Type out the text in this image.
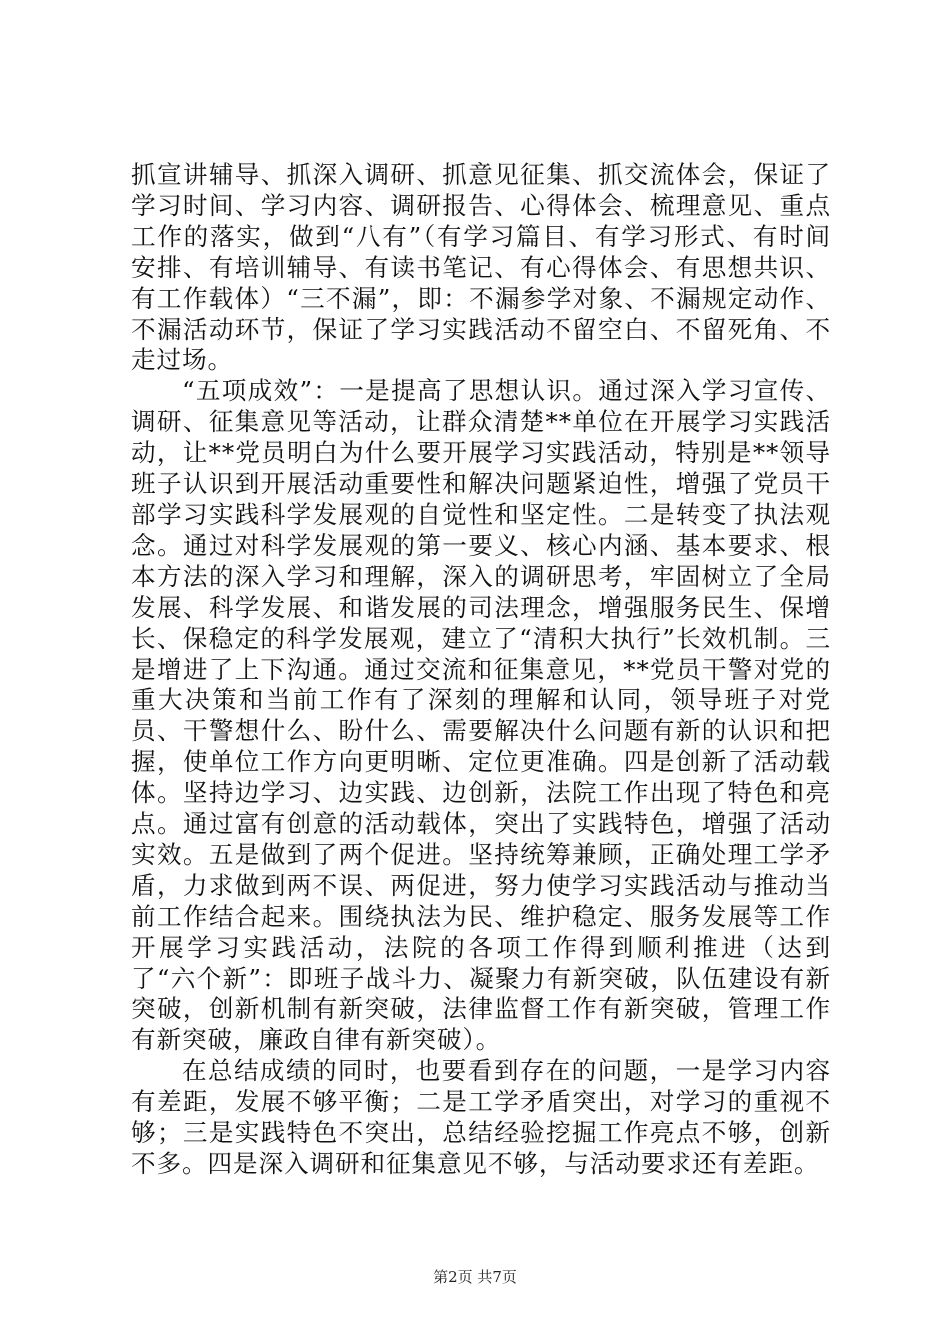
抓宣讲辅导、抓深入调研、抓意见征集、抓交流体会，保证了学习时间、学习内容、调研报告、心得体会、梳理意见、重点工作的落实，做到“八有”（有学习篇目、有学习形式、有时间安排、有培训辅导、有读书笔记、有心得体会、有思想共识、有工作载体）“三不漏”，即：不漏参学对象、不漏规定动作、不漏活动环节，保证了学习实践活动不留空白、不留死角、不走过场。

“五项成效”：一是提高了思想认识。通过深入学习宣传、调研、征集意见等活动，让群众清楚**单位在开展学习实践活动，让**党员明白为什么要开展学习实践活动，特别是**领导班子认识到开展活动重要性和解决问题紧迫性，增强了党员干部学习实践科学发展观的自觉性和坚定性。二是转变了执法观念。通过对科学发展观的第一要义、核心内涵、基本要求、根本方法的深入学习和理解，深入的调研思考，牢固树立了全局发展、科学发展、和谐发展的司法理念，增强服务民生、保增长、保稳定的科学发展观，建立了“清积大执行”长效机制。三是增进了上下沟通。通过交流和征集意见，**党员干警对党的重大决策和当前工作有了深刻的理解和认同，领导班子对党员、干警想什么、盼什么、需要解决什么问题有新的认识和把握，使单位工作方向更明晰、定位更准确。四是创新了活动载体。坚持边学习、边实践、边创新，法院工作出现了特色和亮点。通过富有创意的活动载体，突出了实践特色，增强了活动实效。五是做到了两个促进。坚持统筹兼顾，正确处理工学矛盾，力求做到两不误、两促进，努力使学习实践活动与推动当前工作结合起来。围绕执法为民、维护稳定、服务发展等工作开展学习实践活动，法院的各项工作得到顺利推进（达到了“六个新”：即班子战斗力、凝聚力有新突破，队伍建设有新突破，创新机制有新突破，法律监督工作有新突破，管理工作有新突破，廉政自律有新突破）。

在总结成绩的同时，也要看到存在的问题，一是学习内容有差距，发展不够平衡；二是工学矛盾突出，对学习的重视不够；三是实践特色不突出，总结经验挖掘工作亮点不够，创新不多。四是深入调研和征集意见不够，与活动要求还有差距。

第2页 共7页
